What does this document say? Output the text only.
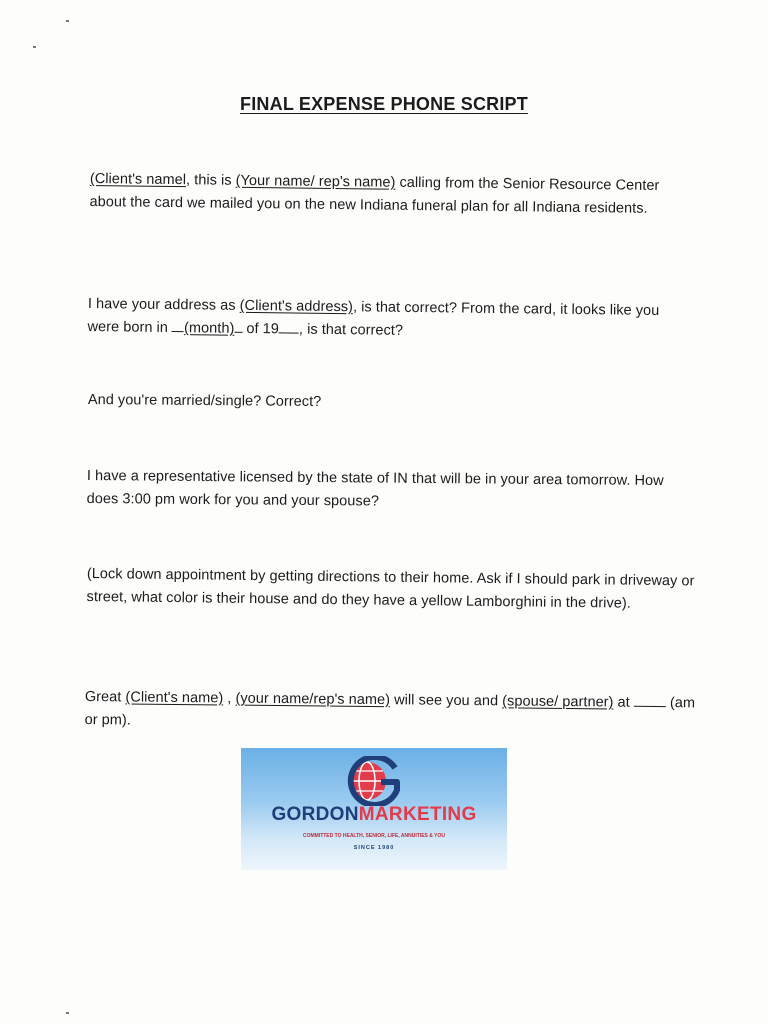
FINAL EXPENSE PHONE SCRIPT
(Client's namel, this is (Your name/ rep's name) calling from the Senior Resource Center about the card we mailed you on the new Indiana funeral plan for all Indiana residents.
I have your address as (Client's address), is that correct? From the card, it looks like you were born in (month) of 19 , is that correct?
And you're married/single? Correct?
I have a representative licensed by the state of IN that will be in your area tomorrow. How does 3:00 pm work for you and your spouse?
(Lock down appointment by getting directions to their home. Ask if I should park in driveway or street, what color is their house and do they have a yellow Lamborghini in the drive).
Great (Client's name) , (your name/rep's name) will see you and (spouse/ partner) at  (am or pm).
GORDONMARKETING
COMMITTED TO HEALTH, SENIOR, LIFE, ANNUITIES & YOU
SINCE 1980
